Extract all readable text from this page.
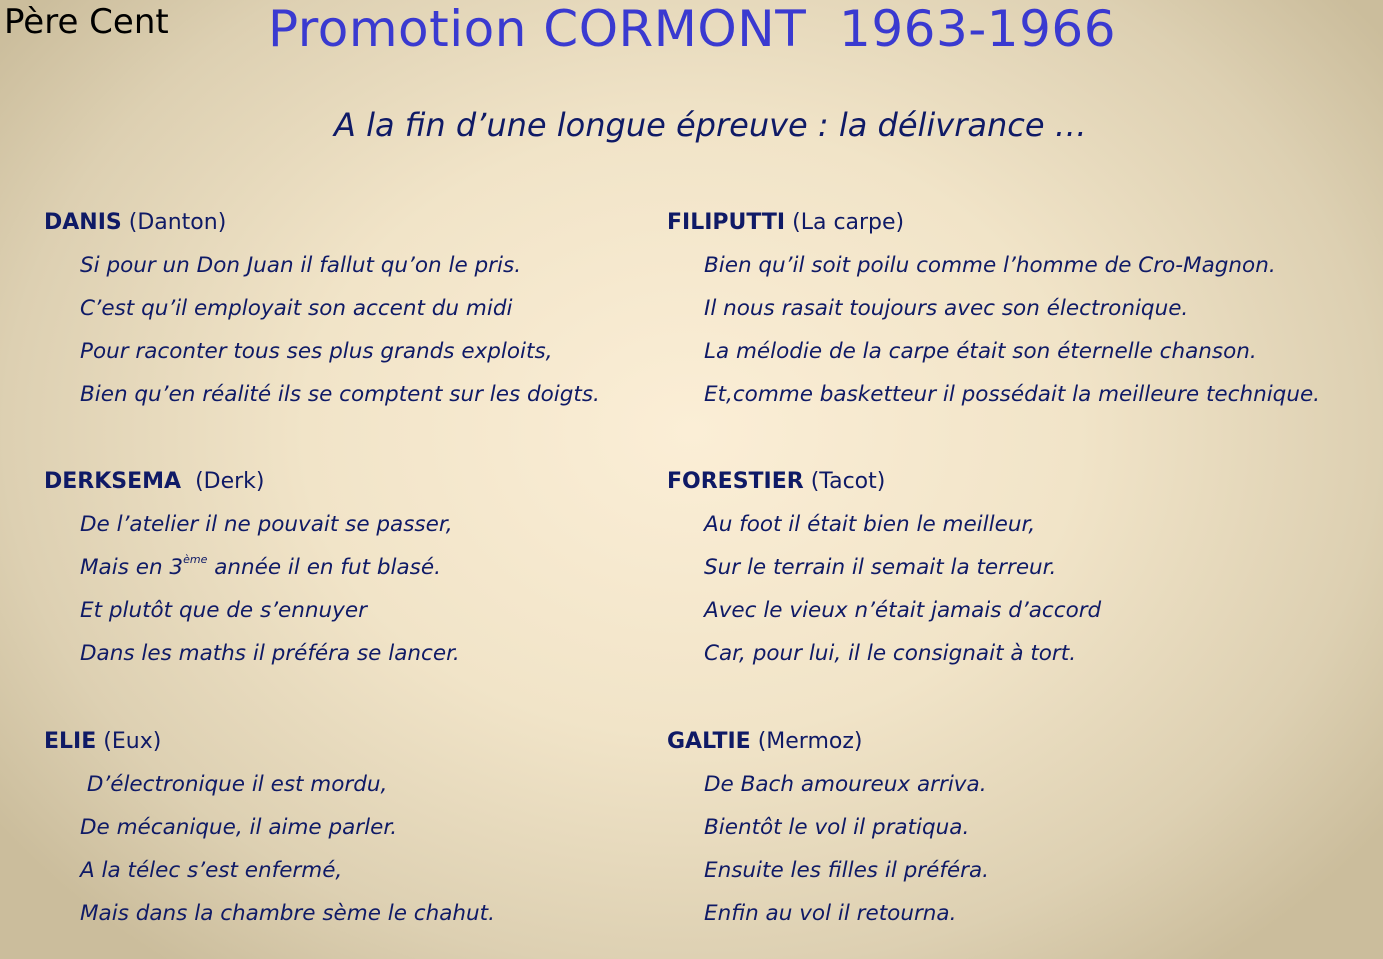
Père Cent Promotion CORMONT  1963-1966
A la fin d’une longue épreuve : la délivrance …
DANIS (Danton)
Si pour un Don Juan il fallut qu’on le pris.
C’est qu’il employait son accent du midi
Pour raconter tous ses plus grands exploits,
Bien qu’en réalité ils se comptent sur les doigts.
DERKSEMA (Derk)
De l’atelier il ne pouvait se passer,
Mais en 3ème année il en fut blasé.
Et plutôt que de s’ennuyer
Dans les maths il préféra se lancer.
ELIE (Eux)
D’électronique il est mordu,
De mécanique, il aime parler.
A la télec s’est enfermé,
Mais dans la chambre sème le chahut.
FILIPUTTI (La carpe)
Bien qu’il soit poilu comme l’homme de Cro-Magnon.
Il nous rasait toujours avec son électronique.
La mélodie de la carpe était son éternelle chanson.
Et,comme basketteur il possédait la meilleure technique.
FORESTIER (Tacot)
Au foot il était bien le meilleur,
Sur le terrain il semait la terreur.
Avec le vieux n’était jamais d’accord
Car, pour lui, il le consignait à tort.
GALTIE (Mermoz)
De Bach amoureux arriva.
Bientôt le vol il pratiqua.
Ensuite les filles il préféra.
Enfin au vol il retourna.
